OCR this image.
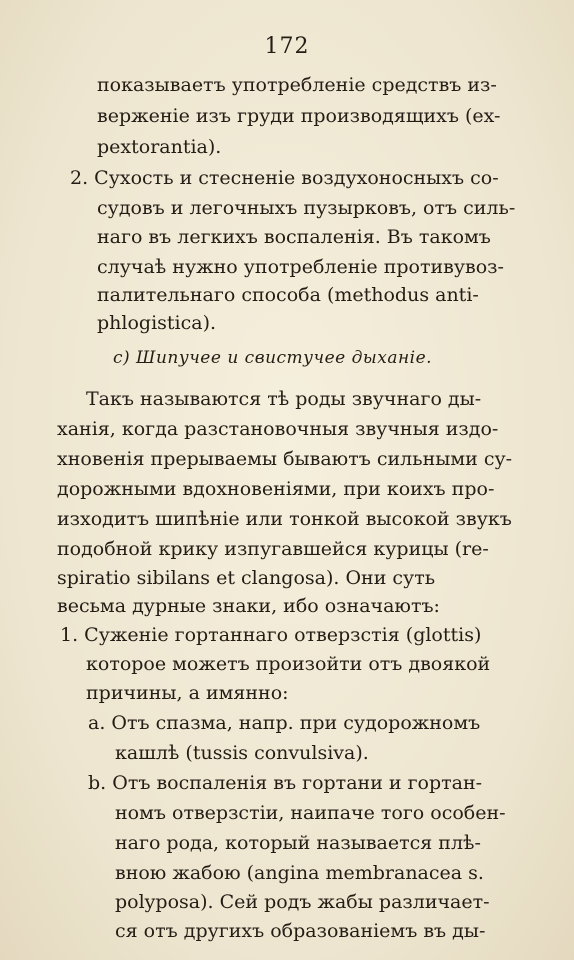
172
показываетъ употребленіе средствъ из-
верженіе изъ груди производящихъ (ex-
pextorantia).
2. Сухость и стесненіе воздухоносныхъ со-
судовъ и легочныхъ пузырковъ, отъ силь-
наго въ легкихъ воспаленія. Въ такомъ
случаѣ нужно употребленіе противувоз-
палительнаго способа (methodus anti-
phlogistica).
c) Шипучее и свистучее дыханіе.
Такъ называются тѣ роды звучнаго ды-
ханія, когда разстановочныя звучныя издо-
хновенія прерываемы бываютъ сильными су-
дорожными вдохновеніями, при коихъ про-
изходитъ шипѣніе или тонкой высокой звукъ
подобной крику изпугавшейся курицы (re-
spiratio sibilans et clangosa). Они суть
весьма дурные знаки, ибо означаютъ:
1. Суженіе гортаннаго отверзстія (glottis)
которое можетъ произойти отъ двоякой
причины, а имянно:
a. Отъ спазма, напр. при судорожномъ
кашлѣ (tussis convulsiva).
b. Отъ воспаленія въ гортани и гортан-
номъ отверзстіи, наипаче того особен-
наго рода, который называется плѣ-
вною жабою (angina membranacea s.
polyposa). Сей родъ жабы различает-
ся отъ другихъ образованіемъ въ ды-
